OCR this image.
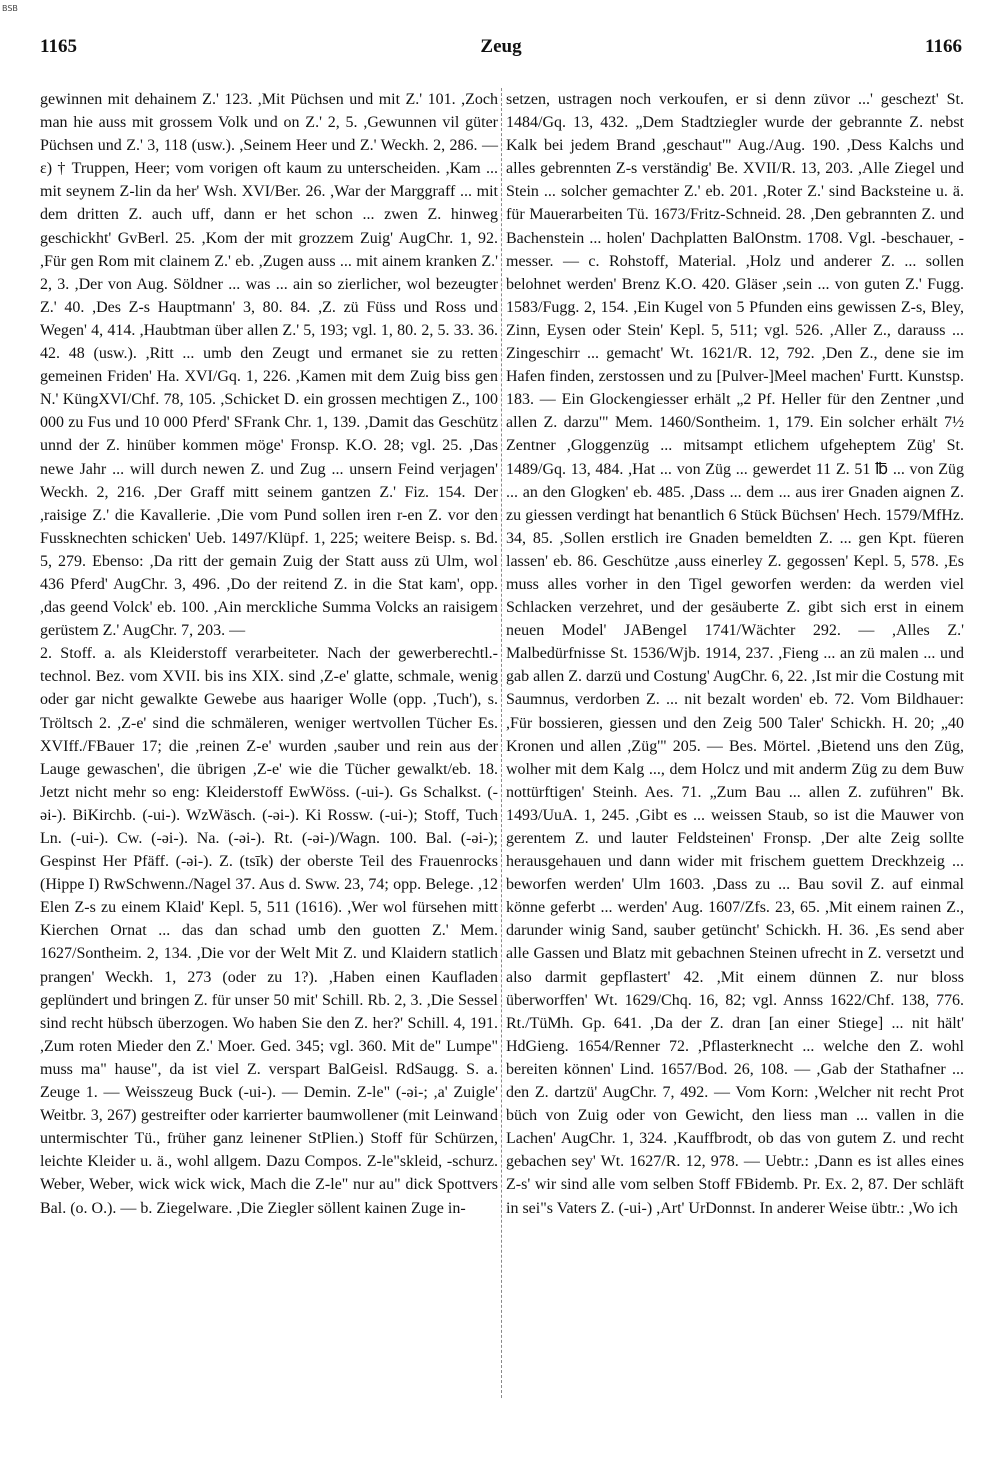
BSB
1165	Zeug	1166

gewinnen mit dehainem Z.' 123. ,Mit Püchsen und mit Z.' 101. ,Zoch man hie auss mit grossem Volk und on Z.' 2, 5. ,Gewunnen vil güter Püchsen und Z.' 3, 118 (usw.). ,Seinem Heer und Z.' Weckh. 2, 286. — ε) † Truppen, Heer; vom vorigen oft kaum zu unterscheiden. ,Kam ... mit seynem Z-lin da her' Wsh. XVI/Ber. 26. ,War der Marggraff ... mit dem dritten Z. auch uff, dann er het schon ... zwen Z. hinweg geschickht' GvBerl. 25. ,Kom der mit grozzem Zuig' AugChr. 1, 92. ,Für gen Rom mit clainem Z.' eb. ,Zugen auss ... mit ainem kranken Z.' 2, 3. ,Der von Aug. Söldner ... was ... ain so zierlicher, wol bezeugter Z.' 40. ,Des Z-s Hauptmann' 3, 80. 84. ,Z. zü Füss und Ross und Wegen' 4, 414. ,Haubtman über allen Z.' 5, 193; vgl. 1, 80. 2, 5. 33. 36. 42. 48 (usw.). ,Ritt ... umb den Zeugt und ermanet sie zu retten gemeinen Friden' Ha. XVI/Gq. 1, 226. ,Kamen mit dem Zuig biss gen N.' KüngXVI/Chf. 78, 105. ,Schicket D. ein grossen mechtigen Z., 100 000 zu Fus und 10 000 Pferd' SFrank Chr. 1, 139. ,Damit das Geschütz unnd der Z. hinüber kommen möge' Fronsp. K.O. 28; vgl. 25. ,Das newe Jahr ... will durch newen Z. und Zug ... unsern Feind verjagen' Weckh. 2, 216. ,Der Graff mitt seinem gantzen Z.' Fiz. 154. Der ,raisige Z.' die Kavallerie. ,Die vom Pund sollen iren r-en Z. vor den Fussknechten schicken' Ueb. 1497/Klüpf. 1, 225; weitere Beisp. s. Bd. 5, 279. Ebenso: ,Da ritt der gemain Zuig der Statt auss zü Ulm, wol 436 Pferd' AugChr. 3, 496. ,Do der reitend Z. in die Stat kam', opp. ,das geend Volck' eb. 100. ,Ain merckliche Summa Volcks an raisigem gerüstem Z.' AugChr. 7, 203. —

2. Stoff. a. als Kleiderstoff verarbeiteter. Nach der gewerberechtl.-technol. Bez. vom XVII. bis ins XIX. sind ,Z-e' glatte, schmale, wenig oder gar nicht gewalkte Gewebe aus haariger Wolle (opp. ,Tuch'), s. Tröltsch 2. ,Z-e' sind die schmäleren, weniger wertvollen Tücher Es. XVIff./FBauer 17; die ,reinen Z-e' wurden ,sauber und rein aus der Lauge gewaschen', die übrigen ,Z-e' wie die Tücher gewalkt/eb. 18. Jetzt nicht mehr so eng: Kleiderstoff EwWöss. (-ui-). Gs Schalkst. (-əi-). BiKirchb. (-ui-). WzWäsch. (-əi-). Ki Rossw. (-ui-); Stoff, Tuch Ln. (-ui-). Cw. (-əi-). Na. (-əi-). Rt. (-əi-)/Wagn. 100. Bal. (-əi-); Gespinst Her Pfäff. (-əi-). Z. (tsīk) der oberste Teil des Frauenrocks (Hippe I) RwSchwenn./Nagel 37. Aus d. Sww. 23, 74; opp. Belege. ,12 Elen Z-s zu einem Klaid' Kepl. 5, 511 (1616). ,Wer wol fürsehen mitt Kierchen Ornat ... das dan schad umb den guotten Z.' Mem. 1627/Sontheim. 2, 134. ,Die vor der Welt Mit Z. und Klaidern statlich prangen' Weckh. 1, 273 (oder zu 1?). ,Haben einen Kaufladen geplündert und bringen Z. für unser 50 mit' Schill. Rb. 2, 3. ,Die Sessel sind recht hübsch überzogen. Wo haben Sie den Z. her?' Schill. 4, 191. ,Zum roten Mieder den Z.' Moer. Ged. 345; vgl. 360. Mit de" Lumpe" muss ma" hause", da ist viel Z. verspart BalGeisl. RdSaugg. S. a. Zeuge 1. — Weisszeug Buck (-ui-). — Demin. Z-le" (-əi-; ,a' Zuigle' Weitbr. 3, 267) gestreifter oder karrierter baumwollener (mit Leinwand untermischter Tü., früher ganz leinener StPlien.) Stoff für Schürzen, leichte Kleider u. ä., wohl allgem. Dazu Compos. Z-le"skleid, -schurz. Weber, Weber, wick wick wick, Mach die Z-le" nur au" dick Spottvers Bal. (o. O.). — b. Ziegelware. ,Die Ziegler söllent kainen Zuge in-

setzen, ustragen noch verkoufen, er si denn züvor ...' geschezt' St. 1484/Gq. 13, 432. „Dem Stadtziegler wurde der gebrannte Z. nebst Kalk bei jedem Brand ,geschaut'" Aug./Aug. 190. ,Dess Kalchs und alles gebrennten Z-s verständig' Be. XVII/R. 13, 203. ,Alle Ziegel und Stein ... solcher gemachter Z.' eb. 201. ,Roter Z.' sind Backsteine u. ä. für Mauerarbeiten Tü. 1673/Fritz-Schneid. 28. ,Den gebrannten Z. und Bachenstein ... holen' Dachplatten BalOnstm. 1708. Vgl. -beschauer, -messer. — c. Rohstoff, Material. ,Holz und anderer Z. ... sollen belohnet werden' Brenz K.O. 420. Gläser ,sein ... von guten Z.' Fugg. 1583/Fugg. 2, 154. ,Ein Kugel von 5 Pfunden eins gewissen Z-s, Bley, Zinn, Eysen oder Stein' Kepl. 5, 511; vgl. 526. ,Aller Z., darauss ... Zingeschirr ... gemacht' Wt. 1621/R. 12, 792. ,Den Z., dene sie im Hafen finden, zerstossen und zu [Pulver-]Meel machen' Furtt. Kunstsp. 183. — Ein Glockengiesser erhält „2 Pf. Heller für den Zentner ,und allen Z. darzu'" Mem. 1460/Sontheim. 1, 179. Ein solcher erhält 7½ Zentner ,Gloggenzüg ... mitsampt etlichem ufgeheptem Züg' St. 1489/Gq. 13, 484. ,Hat ... von Züg ... gewerdet 11 Z. 51 ℔ ... von Züg ... an den Glogken' eb. 485. ,Dass ... dem ... aus irer Gnaden aignen Z. zu giessen verdingt hat benantlich 6 Stück Büchsen' Hech. 1579/MfHz. 34, 85. ,Sollen erstlich ire Gnaden bemeldten Z. ... gen Kpt. füeren lassen' eb. 86. Geschütze ,auss einerley Z. gegossen' Kepl. 5, 578. ,Es muss alles vorher in den Tigel geworfen werden: da werden viel Schlacken verzehret, und der gesäuberte Z. gibt sich erst in einem neuen Model' JABengel 1741/Wächter 292. — ,Alles Z.' Malbedürfnisse St. 1536/Wjb. 1914, 237. ,Fieng ... an zü malen ... und gab allen Z. darzü und Costung' AugChr. 6, 22. ,Ist mir die Costung mit Saumnus, verdorben Z. ... nit bezalt worden' eb. 72. Vom Bildhauer: ,Für bossieren, giessen und den Zeig 500 Taler' Schickh. H. 20; „40 Kronen und allen ,Züg'" 205. — Bes. Mörtel. ,Bietend uns den Züg, wolher mit dem Kalg ..., dem Holcz und mit anderm Züg zu dem Buw nottürftigen' Steinh. Aes. 71. „Zum Bau ... allen Z. zuführen" Bk. 1493/UuA. 1, 245. ,Gibt es ... weissen Staub, so ist die Mauwer von gerentem Z. und lauter Feldsteinen' Fronsp. ,Der alte Zeig sollte herausgehauen und dann wider mit frischem guettem Dreckhzeig ... beworfen werden' Ulm 1603. ,Dass zu ... Bau sovil Z. auf einmal könne geferbt ... werden' Aug. 1607/Zfs. 23, 65. ,Mit einem rainen Z., darunder winig Sand, sauber getüncht' Schickh. H. 36. ,Es send aber alle Gassen und Blatz mit gebachnen Steinen ufrecht in Z. versetzt und also darmit gepflastert' 42. ,Mit einem dünnen Z. nur bloss überworffen' Wt. 1629/Chq. 16, 82; vgl. Annss 1622/Chf. 138, 776. Rt./TüMh. Gp. 641. ,Da der Z. dran [an einer Stiege] ... nit hält' HdGieng. 1654/Renner 72. ,Pflasterknecht ... welche den Z. wohl bereiten können' Lind. 1657/Bod. 26, 108. — ,Gab der Stathafner ... den Z. dartzü' AugChr. 7, 492. — Vom Korn: ,Welcher nit recht Prot büch von Zuig oder von Gewicht, den liess man ... vallen in die Lachen' AugChr. 1, 324. ,Kauffbrodt, ob das von gutem Z. und recht gebachen sey' Wt. 1627/R. 12, 978. — Uebtr.: ,Dann es ist alles eines Z-s' wir sind alle vom selben Stoff FBidemb. Pr. Ex. 2, 87. Der schläft in sei"s Vaters Z. (-ui-) ,Art' UrDonnst. In anderer Weise übtr.: ,Wo ich
